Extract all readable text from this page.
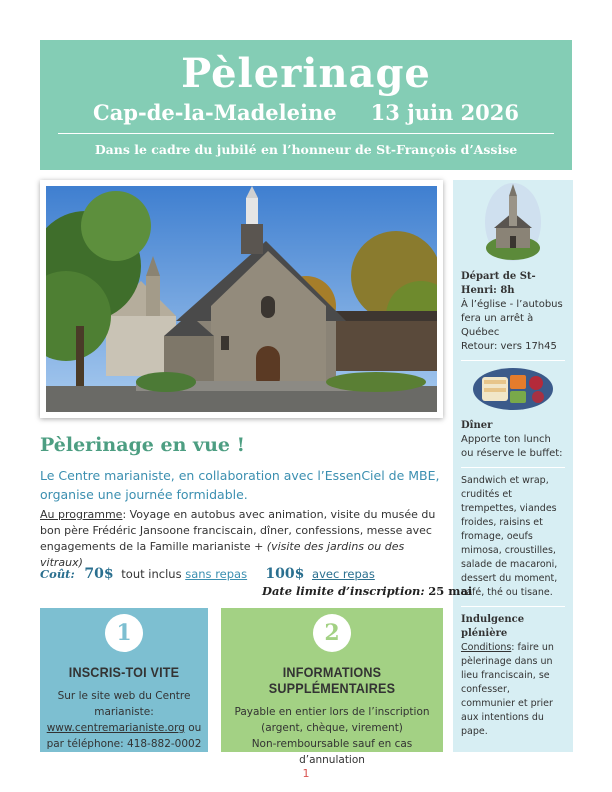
Pèlerinage
Cap-de-la-Madeleine 13 juin 2026
Dans le cadre du jubilé en l’honneur de St-François d’Assise
Départ de St-Henri: 8h
À l’église - l’autobus fera un arrêt à Québec
Retour: vers 17h45
Dîner
Apporte ton lunch ou réserve le buffet:
Sandwich et wrap, crudités et trempettes, viandes froides, raisins et fromage, oeufs mimosa, croustilles, salade de macaroni, dessert du moment, café, thé ou tisane.
Indulgence plénière
Conditions: faire un pèlerinage dans un lieu franciscain, se confesser, communier et prier aux intentions du pape.
Pèlerinage en vue !
Le Centre marianiste, en collaboration avec l’EssenCiel de MBE, organise une journée formidable.
Au programme: Voyage en autobus avec animation, visite du musée du bon père Frédéric Jansoone franciscain, dîner, confessions, messe avec engagements de la Famille marianiste + (visite des jardins ou des vitraux)
Coût: 70$ tout inclus sans repas 100$ avec repas
Date limite d’inscription: 25 mai
1
INSCRIS-TOI VITE
Sur le site web du Centre marianiste:
www.centremarianiste.org ou par téléphone: 418-882-0002
2
INFORMATIONS SUPPLÉMENTAIRES
Payable en entier lors de l’inscription (argent, chèque, virement)
Non-remboursable sauf en cas d’annulation
1
